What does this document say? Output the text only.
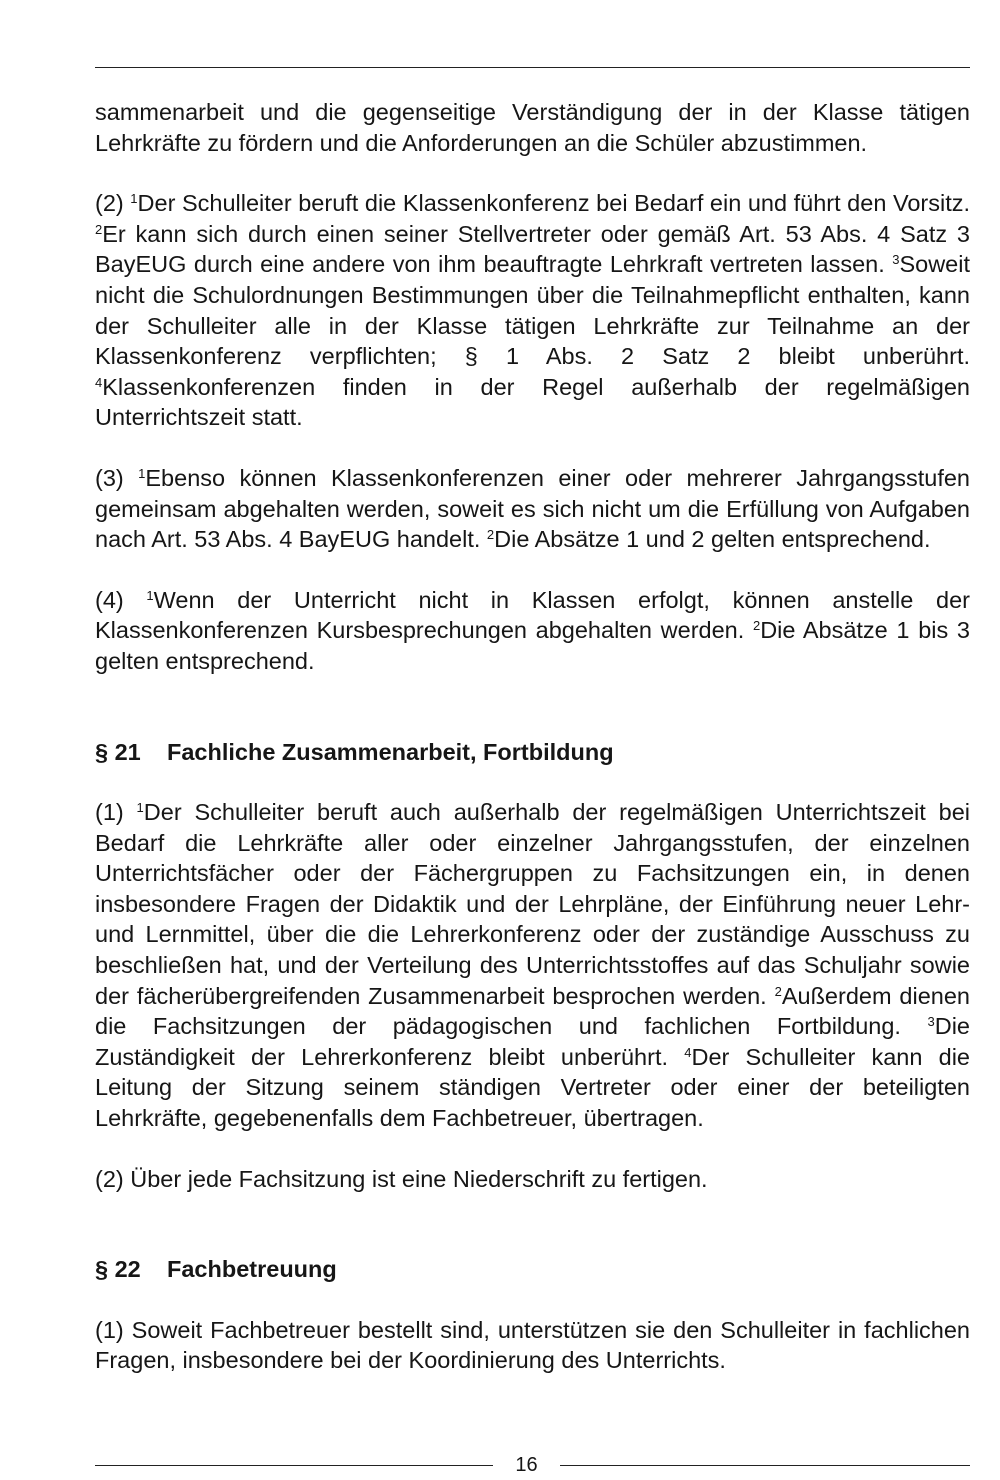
sammenarbeit und die gegenseitige Verständigung der in der Klasse tätigen Lehrkräfte zu fördern und die Anforderungen an die Schüler abzustimmen.

(2) $^1$Der Schulleiter beruft die Klassenkonferenz bei Bedarf ein und führt den Vorsitz. $^2$Er kann sich durch einen seiner Stellvertreter oder gemäß Art. 53 Abs. 4 Satz 3 BayEUG durch eine andere von ihm beauftragte Lehrkraft vertreten lassen. $^3$Soweit nicht die Schulordnungen Bestimmungen über die Teilnahmepflicht enthalten, kann der Schulleiter alle in der Klasse tätigen Lehrkräfte zur Teilnahme an der Klassenkonferenz verpflichten; § 1 Abs. 2 Satz 2 bleibt unberührt. $^4$Klassenkonferenzen finden in der Regel außerhalb der regelmäßigen Unterrichtszeit statt.

(3) $^1$Ebenso können Klassenkonferenzen einer oder mehrerer Jahrgangsstufen gemeinsam abgehalten werden, soweit es sich nicht um die Erfüllung von Aufgaben nach Art. 53 Abs. 4 BayEUG handelt. $^2$Die Absätze 1 und 2 gelten entsprechend.

(4) $^1$Wenn der Unterricht nicht in Klassen erfolgt, können anstelle der Klassenkonferenzen Kursbesprechungen abgehalten werden. $^2$Die Absätze 1 bis 3 gelten entsprechend.

§ 21 Fachliche Zusammenarbeit, Fortbildung

(1) $^1$Der Schulleiter beruft auch außerhalb der regelmäßigen Unterrichtszeit bei Bedarf die Lehrkräfte aller oder einzelner Jahrgangsstufen, der einzelnen Unterrichtsfächer oder der Fächergruppen zu Fachsitzungen ein, in denen insbesondere Fragen der Didaktik und der Lehrpläne, der Einführung neuer Lehr- und Lernmittel, über die die Lehrerkonferenz oder der zuständige Ausschuss zu beschließen hat, und der Verteilung des Unterrichtsstoffes auf das Schuljahr sowie der fächerübergreifenden Zusammenarbeit besprochen werden. $^2$Außerdem dienen die Fachsitzungen der pädagogischen und fachlichen Fortbildung. $^3$Die Zuständigkeit der Lehrerkonferenz bleibt unberührt. $^4$Der Schulleiter kann die Leitung der Sitzung seinem ständigen Vertreter oder einer der beteiligten Lehrkräfte, gegebenenfalls dem Fachbetreuer, übertragen.

(2) Über jede Fachsitzung ist eine Niederschrift zu fertigen.

§ 22 Fachbetreuung

(1) Soweit Fachbetreuer bestellt sind, unterstützen sie den Schulleiter in fachlichen Fragen, insbesondere bei der Koordinierung des Unterrichts.

16
